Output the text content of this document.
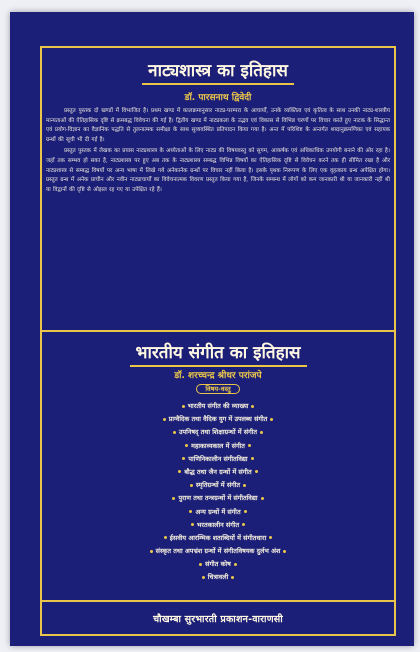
नाट्यशास्त्र का इतिहास
डॉ. पारसनाथ द्विवेदी

प्रस्तुत पुस्तक दो खण्डों में विभाजित है। प्रथम खण्ड में कालक्रमानुसार नाट्य-परम्परा के आचार्यों, उनके व्यक्तित्व एवं कृतित्व के साथ उनकी नाट्य-शास्त्रीय मान्यताओं की ऐतिहासिक दृष्टि से क्रमबद्ध विवेचना की गई है। द्वितीय खण्ड में नाट्यकला के उद्भव एवं विकास से विभिन्न चरणों पर विचार करते हुए नाटक के सिद्धान्त एवं प्रयोग-विज्ञान का वैज्ञानिक पद्धति से तुलनात्मक समीक्षा के साथ सुव्यवस्थित प्रतिपादन किया गया है। अन्त में परिशिष्ट के अन्तर्गत शब्दानुक्रमणिका एवं सहायक ग्रन्थों की सूची भी दी गई है।

प्रस्तुत पुस्तक में लेखक का प्रयास नाट्यशास्त्र के अध्येताओं के लिए नाट्य की विषयवस्तु को सुगम, आकर्षक एवं अधिकाधिक उपयोगी बनाने की ओर रहा है। जहाँ तक सम्भव हो सका है, नाट्यशास्त्र पर हुए अब तक के नाट्यशास्त्र सम्बद्ध विभिन्न विषयों का ऐतिहासिक दृष्टि से विवेचन करने तक ही सीमित रखा है और नाट्यशास्त्र से सम्बद्ध विषयों पर अन्य भाषा में लिखे गये अनेकानेक ग्रन्थों पर विचार नहीं किया है। इसके पृथक निरूपण के लिए एक वृहत्काय ग्रन्थ अपेक्षित होगा। प्रस्तुत ग्रन्थ में अनेक प्राचीन और नवीन नाट्याचार्यों का विवेचनात्मक विवरण प्रस्तुत किया गया है, जिनके सम्बन्ध में लोगों को कम जानकारी थी या जानकारी नहीं थी या विद्वानों की दृष्टि से ओझल रह गए या उपेक्षित रहे हैं।

भारतीय संगीत का इतिहास
डॉ. शरच्चन्द्र श्रीधर परांजपे
विषय-वस्तु
भारतीय संगीत की व्याख्या
प्राग्वैदिक तथा वैदिक युग में उपलब्ध संगीत
उपनिषद् तथा शिक्षाग्रन्थों में संगीत
महाकाव्यकाल में संगीत
पाणिनिकालीन संगीतविद्या
बौद्ध तथा जैन ग्रन्थों में संगीत
स्मृतिग्रन्थों में संगीत
पुराण तथा तन्त्रग्रन्थों में संगीतविद्या
अन्य ग्रन्थों में संगीत
भरतकालीन संगीत
ईसवीय आरम्भिक शताब्दियों में संगीतधारा
संस्कृत तथा अपभ्रंश ग्रन्थों में संगीतविषयक दुर्लभ अंश
संगीत कोष
चित्रावली
चौखम्बा सुरभारती प्रकाशन-वाराणसी
